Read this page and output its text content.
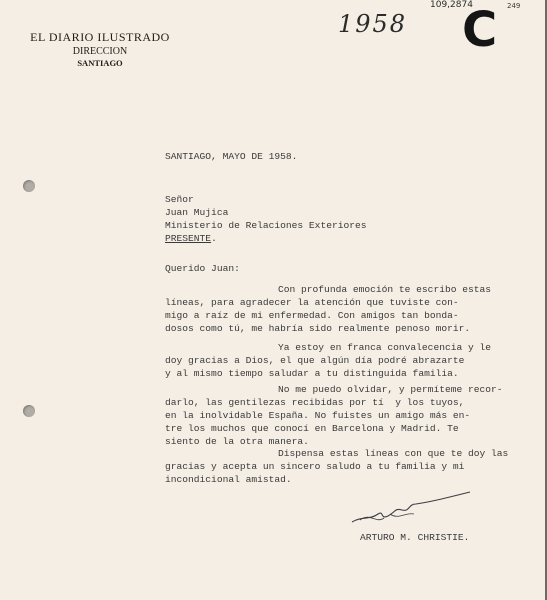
EL DIARIO ILUSTRADO
DIRECCION
SANTIAGO
1958
109,2874	249
C
SANTIAGO, MAYO DE 1958.
Señor
Juan Mujica
Ministerio de Relaciones Exteriores
PRESENTE.
Querido Juan:
Con profunda emoción te escribo estas
líneas, para agradecer la atención que tuviste con-
migo a raíz de mi enfermedad. Con amigos tan bonda-
dosos como tú, me habría sido realmente penoso morir.
Ya estoy en franca convalecencia y le
doy gracias a Dios, el que algún día podré abrazarte
y al mismo tiempo saludar a tu distinguida familia.
No me puedo olvidar, y permíteme recor-
darlo, las gentilezas recibidas por tí  y los tuyos,
en la inolvidable España. No fuistes un amigo más en-
tre los muchos que conocí en Barcelona y Madrid. Te
siento de la otra manera.
Dispensa estas líneas con que te doy las
gracias y acepta un sincero saludo a tu familia y mi
incondicional amistad.
ARTURO M. CHRISTIE.
